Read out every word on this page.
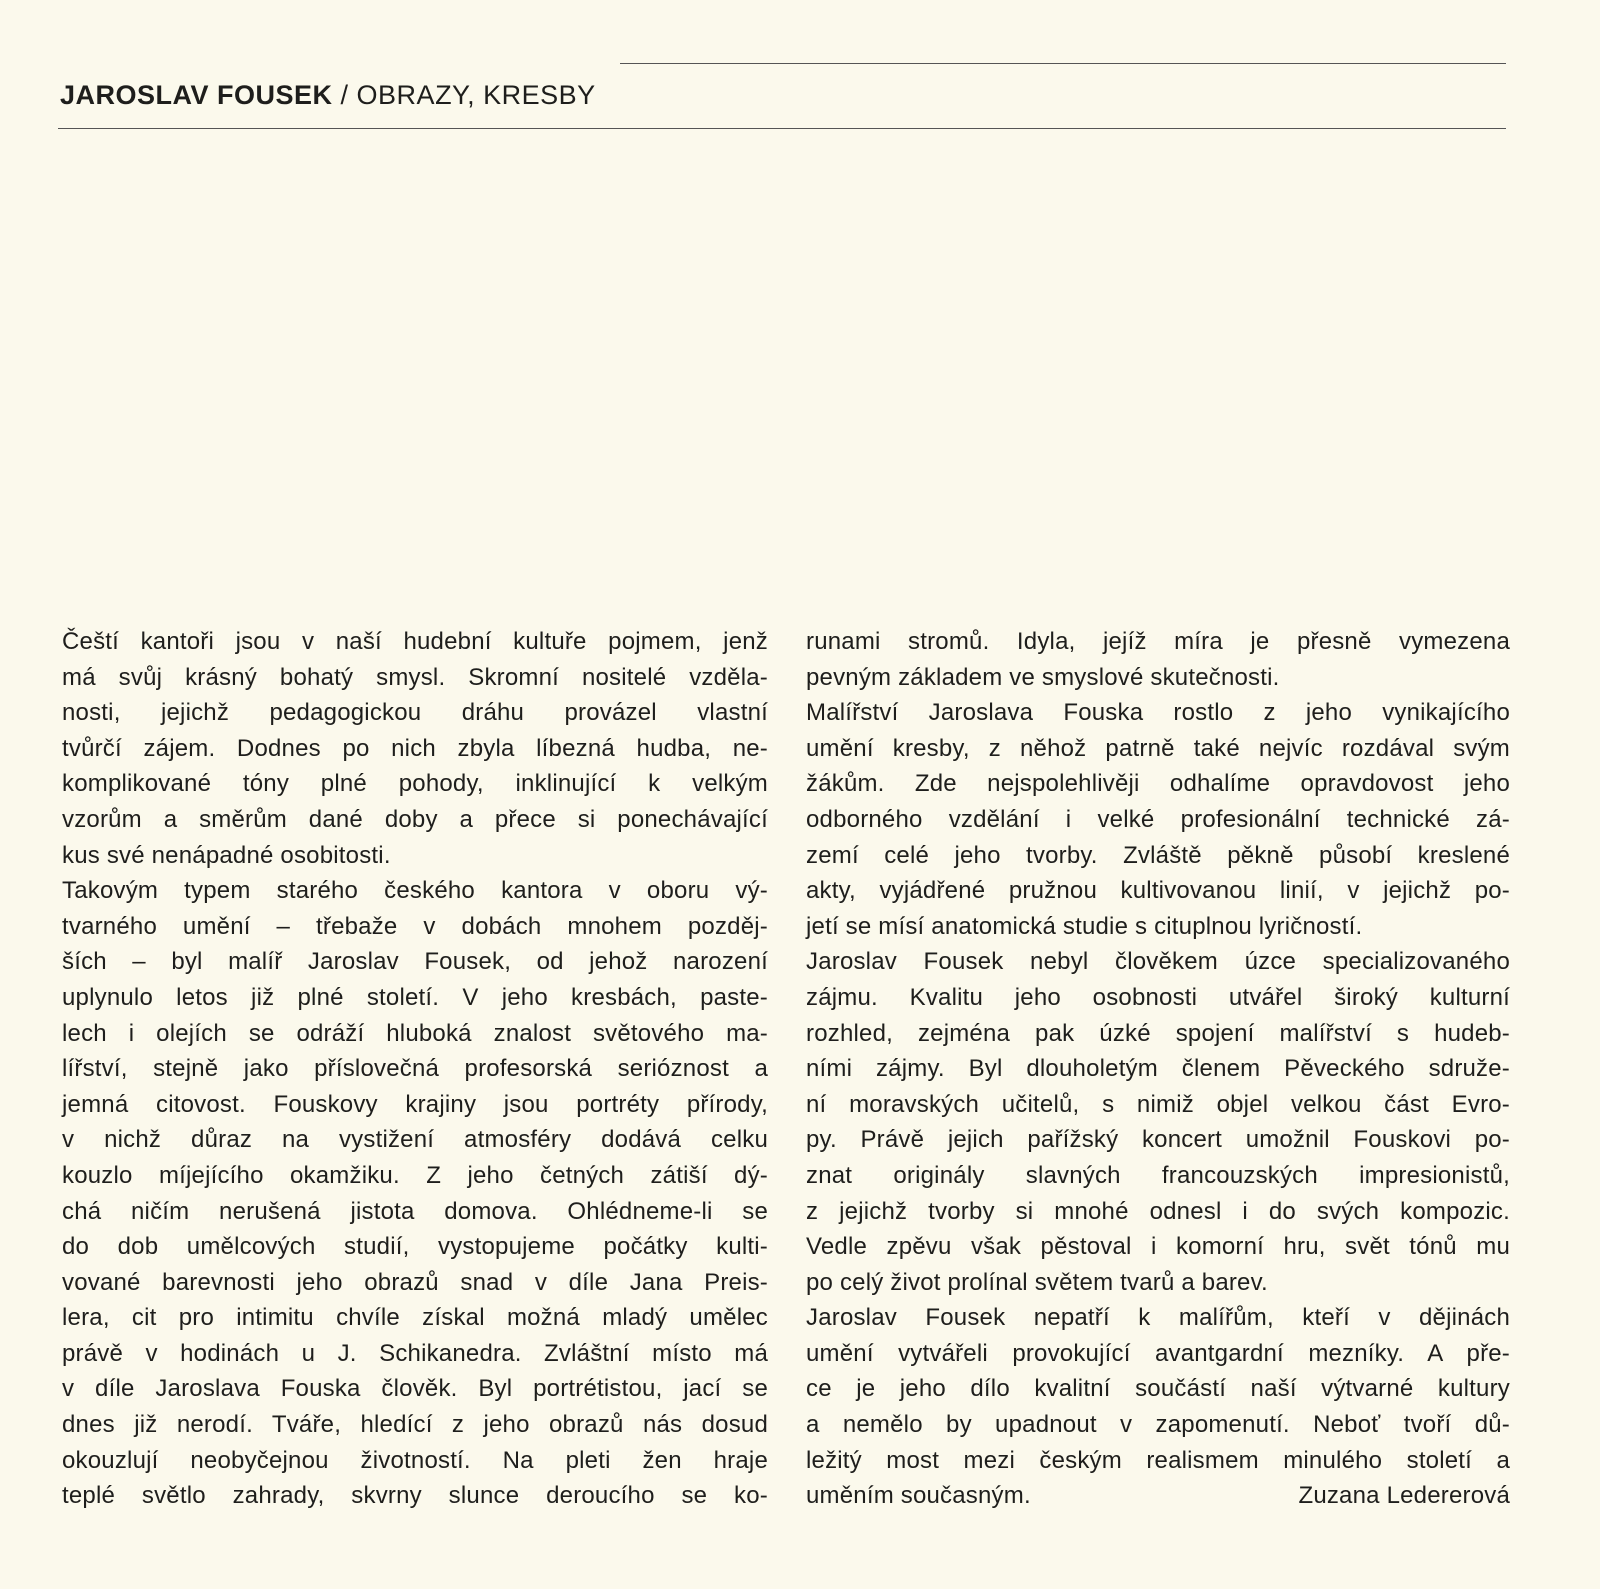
JAROSLAV FOUSEK / OBRAZY, KRESBY
Čeští kantoři jsou v naší hudební kultuře pojmem, jenž
má svůj krásný bohatý smysl. Skromní nositelé vzděla-
nosti, jejichž pedagogickou dráhu provázel vlastní
tvůrčí zájem. Dodnes po nich zbyla líbezná hudba, ne-
komplikované tóny plné pohody, inklinující k velkým
vzorům a směrům dané doby a přece si ponechávající
kus své nenápadné osobitosti.
Takovým typem starého českého kantora v oboru vý-
tvarného umění – třebaže v dobách mnohem pozděj-
ších – byl malíř Jaroslav Fousek, od jehož narození
uplynulo letos již plné století. V jeho kresbách, paste-
lech i olejích se odráží hluboká znalost světového ma-
lířství, stejně jako příslovečná profesorská serióznost a
jemná citovost. Fouskovy krajiny jsou portréty přírody,
v nichž důraz na vystižení atmosféry dodává celku
kouzlo míjejícího okamžiku. Z jeho četných zátiší dý-
chá ničím nerušená jistota domova. Ohlédneme-li se
do dob umělcových studií, vystopujeme počátky kulti-
vované barevnosti jeho obrazů snad v díle Jana Preis-
lera, cit pro intimitu chvíle získal možná mladý umělec
právě v hodinách u J. Schikanedra. Zvláštní místo má
v díle Jaroslava Fouska člověk. Byl portrétistou, jací se
dnes již nerodí. Tváře, hledící z jeho obrazů nás dosud
okouzlují neobyčejnou životností. Na pleti žen hraje
teplé světlo zahrady, skvrny slunce deroucího se ko-
runami stromů. Idyla, jejíž míra je přesně vymezena
pevným základem ve smyslové skutečnosti.
Malířství Jaroslava Fouska rostlo z jeho vynikajícího
umění kresby, z něhož patrně také nejvíc rozdával svým
žákům. Zde nejspolehlivěji odhalíme opravdovost jeho
odborného vzdělání i velké profesionální technické zá-
zemí celé jeho tvorby. Zvláště pěkně působí kreslené
akty, vyjádřené pružnou kultivovanou linií, v jejichž po-
jetí se mísí anatomická studie s cituplnou lyričností.
Jaroslav Fousek nebyl člověkem úzce specializovaného
zájmu. Kvalitu jeho osobnosti utvářel široký kulturní
rozhled, zejména pak úzké spojení malířství s hudeb-
ními zájmy. Byl dlouholetým členem Pěveckého sdruže-
ní moravských učitelů, s nimiž objel velkou část Evro-
py. Právě jejich pařížský koncert umožnil Fouskovi po-
znat originály slavných francouzských impresionistů,
z jejichž tvorby si mnohé odnesl i do svých kompozic.
Vedle zpěvu však pěstoval i komorní hru, svět tónů mu
po celý život prolínal světem tvarů a barev.
Jaroslav Fousek nepatří k malířům, kteří v dějinách
umění vytvářeli provokující avantgardní mezníky. A pře-
ce je jeho dílo kvalitní součástí naší výtvarné kultury
a nemělo by upadnout v zapomenutí. Neboť tvoří dů-
ležitý most mezi českým realismem minulého století a
uměním současným.	Zuzana Ledererová
